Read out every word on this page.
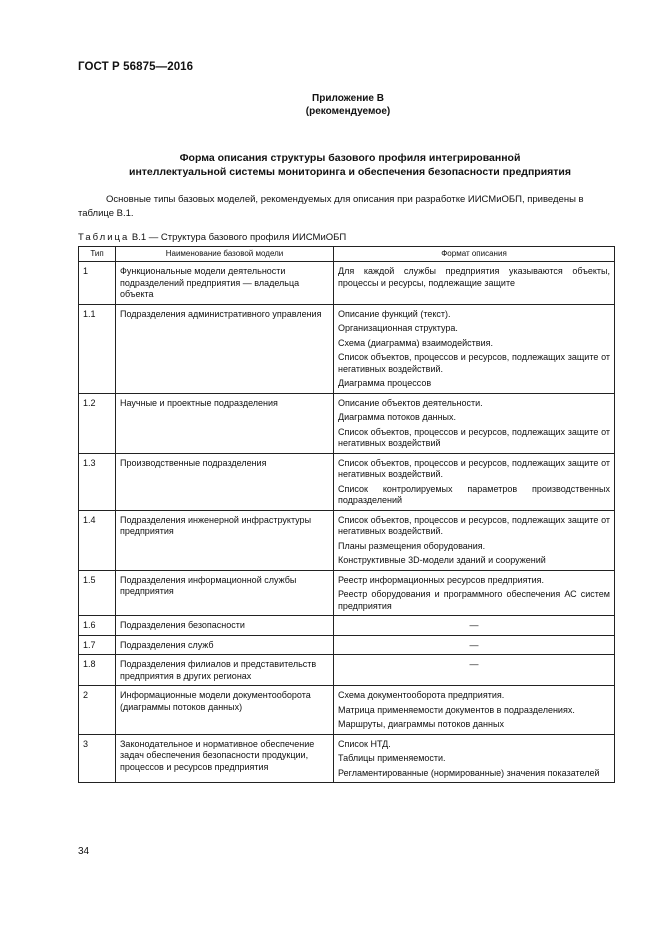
ГОСТ Р 56875—2016
Приложение В
(рекомендуемое)
Форма описания структуры базового профиля интегрированной
интеллектуальной системы мониторинга и обеспечения безопасности предприятия
Основные типы базовых моделей, рекомендуемых для описания при разработке ИИСМиОБП, приведены в таблице В.1.
Таблица В.1 — Структура базового профиля ИИСМиОБП
Тип	Наименование базовой модели	Формат описания
1	Функциональные модели деятельности подразделений предприятия — владельца объекта	Для каждой службы предприятия указываются объекты, процессы и ресурсы, подлежащие защите

1.1	Подразделения административного управления	Описание функций (текст).

Организационная структура.

Схема (диаграмма) взаимодействия.

Список объектов, процессов и ресурсов, подлежащих защите от негативных воздействий.

Диаграмма процессов

1.2	Научные и проектные подразделения	Описание объектов деятельности.

Диаграмма потоков данных.

Список объектов, процессов и ресурсов, подлежащих защите от негативных воздействий

1.3	Производственные подразделения	Список объектов, процессов и ресурсов, подлежащих защите от негативных воздействий.

Список контролируемых параметров производственных подразделений

1.4	Подразделения инженерной инфраструктуры предприятия	Список объектов, процессов и ресурсов, подлежащих защите от негативных воздействий.

Планы размещения оборудования.

Конструктивные 3D-модели зданий и сооружений

1.5	Подразделения информационной службы предприятия	Реестр информационных ресурсов предприятия.

Реестр оборудования и программного обеспечения АС систем предприятия

1.6	Подразделения безопасности	—
1.7	Подразделения служб	—
1.8	Подразделения филиалов и представительств предприятия в других регионах	—
2	Информационные модели документооборота (диаграммы потоков данных)	Схема документооборота предприятия.

Матрица применяемости документов в подразделениях.

Маршруты, диаграммы потоков данных

3	Законодательное и нормативное обеспечение задач обеспечения безопасности продукции, процессов и ресурсов предприятия	Список НТД.

Таблицы применяемости.

Регламентированные (нормированные) значения показателей

34
